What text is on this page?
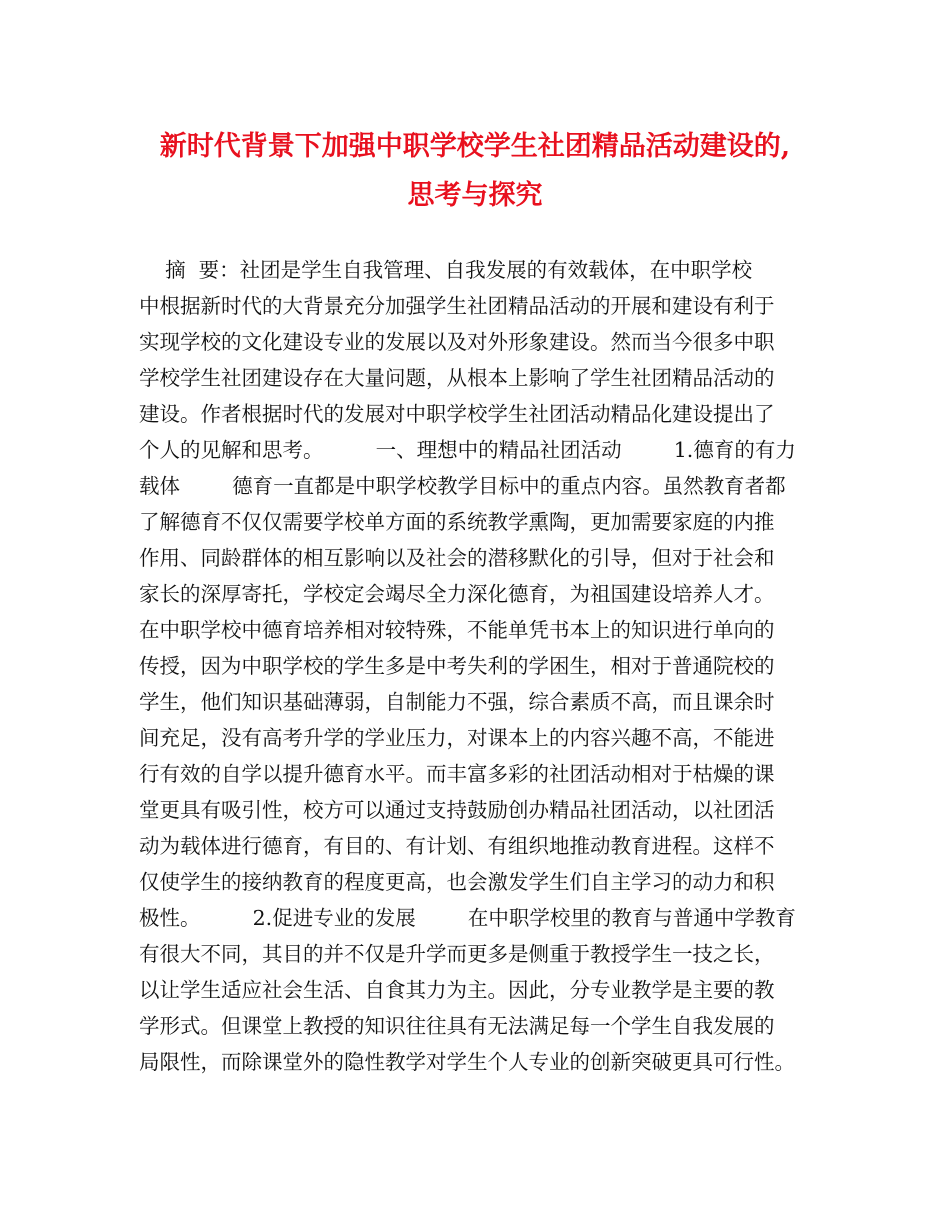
新时代背景下加强中职学校学生社团精品活动建设的,
思考与探究

摘  要：社团是学生自我管理、自我发展的有效载体，在中职学校

中根据新时代的大背景充分加强学生社团精品活动的开展和建设有利于

实现学校的文化建设专业的发展以及对外形象建设。然而当今很多中职

学校学生社团建设存在大量问题，从根本上影响了学生社团精品活动的

建设。作者根据时代的发展对中职学校学生社团活动精品化建设提出了

个人的见解和思考。        一、理想中的精品社团活动        1.德育的有力

载体        德育一直都是中职学校教学目标中的重点内容。虽然教育者都

了解德育不仅仅需要学校单方面的系统教学熏陶，更加需要家庭的内推

作用、同龄群体的相互影响以及社会的潜移默化的引导，但对于社会和

家长的深厚寄托，学校定会竭尽全力深化德育，为祖国建设培养人才。

在中职学校中德育培养相对较特殊，不能单凭书本上的知识进行单向的

传授，因为中职学校的学生多是中考失利的学困生，相对于普通院校的

学生，他们知识基础薄弱，自制能力不强，综合素质不高，而且课余时

间充足，没有高考升学的学业压力，对课本上的内容兴趣不高，不能进

行有效的自学以提升德育水平。而丰富多彩的社团活动相对于枯燥的课

堂更具有吸引性，校方可以通过支持鼓励创办精品社团活动，以社团活

动为载体进行德育，有目的、有计划、有组织地推动教育进程。这样不

仅使学生的接纳教育的程度更高，也会激发学生们自主学习的动力和积

极性。        2.促进专业的发展        在中职学校里的教育与普通中学教育

有很大不同，其目的并不仅是升学而更多是侧重于教授学生一技之长，

以让学生适应社会生活、自食其力为主。因此，分专业教学是主要的教

学形式。但课堂上教授的知识往往具有无法满足每一个学生自我发展的

局限性，而除课堂外的隐性教学对学生个人专业的创新突破更具可行性。
